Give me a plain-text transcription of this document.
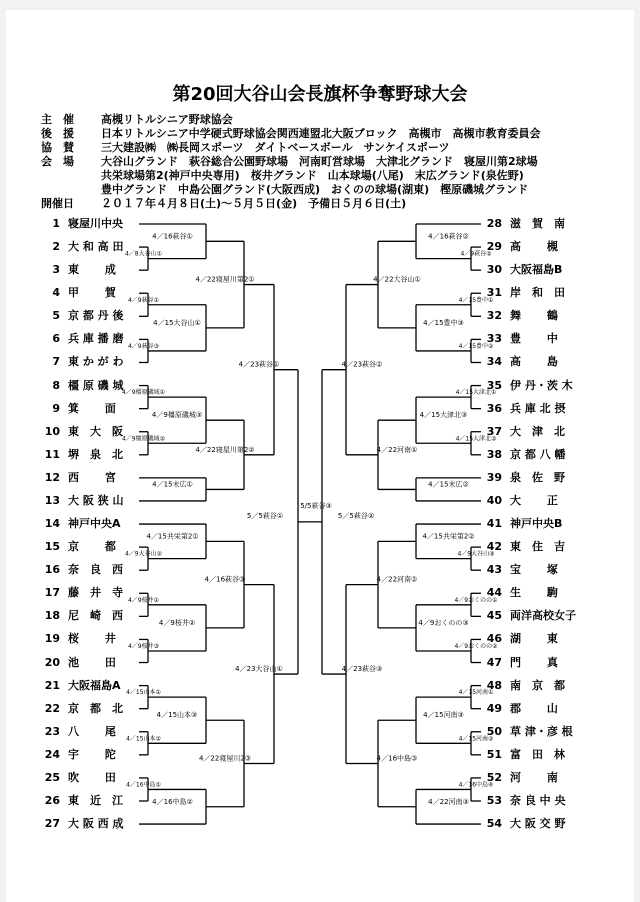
第20回大谷山会長旗杯争奪野球大会
主　催 高槻リトルシニア野球協会
後　援 日本リトルシニア中学硬式野球協会関西連盟北大阪ブロック　高槻市　高槻市教育委員会
協　賛 三大建設㈱　㈱長岡スポーツ　ダイトベースボール　サンケイスポーツ
会　場 大谷山グランド　萩谷総合公園野球場　河南町営球場　大津北グランド　寝屋川第2球場
共栄球場第2(神戸中央専用)　桜井グランド　山本球場(八尾)　末広グランド(泉佐野)
豊中グランド　中島公園グランド(大阪西成)　おくのの球場(湖東)　樫原磯城グランド
開催日 ２０１７年４月８日(土)～５月５日(金)　予備日５月６日(土)
1 寝屋川中央
2 大 和 高 田
3 東　　 成
4 甲　　 賀
5 京 都 丹 後
6 兵 庫 播 磨
7 東 か が わ
8 橿 原 磯 城
9 箕　　 面
10 東　大　阪
11 堺　泉　北
12 西　　 宮
13 大 阪 狭 山
14 神戸中央A
15 京　　 都
16 奈　良　西
17 藤　井　寺
18 尼　崎　西
19 桜　　 井
20 池　　 田
21 大阪福島A
22 京　都　北
23 八　　 尾
24 宇　　 陀
25 吹　　 田
26 東　近　江
27 大 阪 西 成
28 滋　賀　南
29 高　　 槻
30 大阪福島B
31 岸　和　田
32 舞　　 鶴
33 豊　　 中
34 高　　 島
35 伊 丹・茨 木
36 兵 庫 北 摂
37 大　津　北
38 京 都 八 幡
39 泉　佐　野
40 大　　 正
41 神戸中央B
42 東　住　吉
43 宝　　 塚
44 生　　 駒
45 両洋高校女子
46 湖　　 東
47 門　　 真
48 南　京　都
49 郡　　 山
50 草 津・彦 根
51 富　田　林
52 河　　 南
53 奈 良 中 央
54 大 阪 交 野
4／8大谷山①
4／16萩谷①
4／9萩谷①
4／9萩谷③
4／15大谷山①
4／22寝屋川第2①
4／9橿原磯城①
4／9橿原磯城②
4／9橿原磯城③
4／15末広①
4／22寝屋川第2②
4／23萩谷①
4／9大谷山②
4／15共栄第2①
4／9桜井①
4／9桜井③
4／9桜井②
4／16萩谷③
4／15山本①
4／15山本②
4／15山本③
4／16中島①
4／16中島②
4／22寝屋川2③
4／23大谷山①
5／5萩谷①
4／9萩谷②
4／16萩谷②
4／15豊中①
4／15豊中②
4／15豊中③
4／22大谷山①
4／15大津北①
4／15大津北②
4／15大津北③
4／15末広②
4／22河南①
4／23萩谷②
4／9大谷山③
4／15共栄第2②
4／9おくのの①
4／9おくのの②
4／9おくのの③
4／22河南②
4／15河南①
4／15河南②
4／15河南③
4／16中島④
4／22河南③
4／16中島③
4／23萩谷③
5／5萩谷②
5/5萩谷③
